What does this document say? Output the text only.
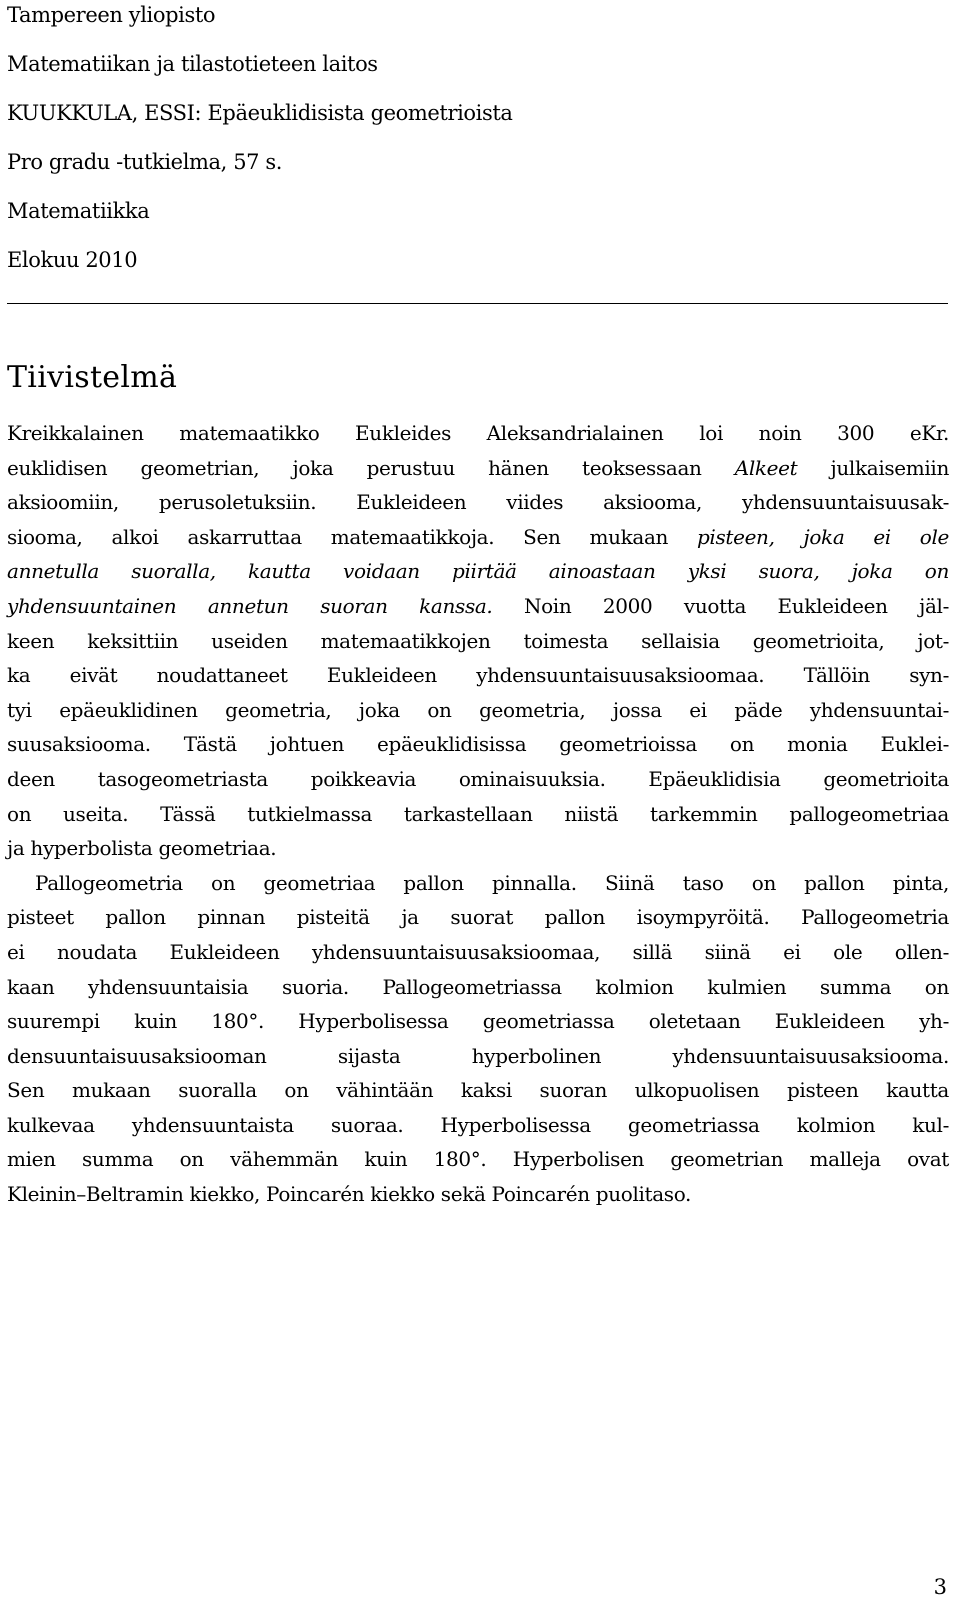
Tampereen yliopisto
Matematiikan ja tilastotieteen laitos
KUUKKULA, ESSI: Epäeuklidisista geometrioista
Pro gradu -tutkielma, 57 s.
Matematiikka
Elokuu 2010
Tiivistelmä
Kreikkalainen matemaatikko Eukleides Aleksandrialainen loi noin 300 eKr.
euklidisen geometrian, joka perustuu hänen teoksessaan Alkeet julkaisemiin
aksioomiin, perusoletuksiin. Eukleideen viides aksiooma, yhdensuuntaisuusak-
siooma, alkoi askarruttaa matemaatikkoja. Sen mukaan pisteen, joka ei ole
annetulla suoralla, kautta voidaan piirtää ainoastaan yksi suora, joka on
yhdensuuntainen annetun suoran kanssa. Noin 2000 vuotta Eukleideen jäl-
keen keksittiin useiden matemaatikkojen toimesta sellaisia geometrioita, jot-
ka eivät noudattaneet Eukleideen yhdensuuntaisuusaksioomaa. Tällöin syn-
tyi epäeuklidinen geometria, joka on geometria, jossa ei päde yhdensuuntai-
suusaksiooma. Tästä johtuen epäeuklidisissa geometrioissa on monia Euklei-
deen tasogeometriasta poikkeavia ominaisuuksia. Epäeuklidisia geometrioita
on useita. Tässä tutkielmassa tarkastellaan niistä tarkemmin pallogeometriaa
ja hyperbolista geometriaa.
Pallogeometria on geometriaa pallon pinnalla. Siinä taso on pallon pinta,
pisteet pallon pinnan pisteitä ja suorat pallon isoympyröitä. Pallogeometria
ei noudata Eukleideen yhdensuuntaisuusaksioomaa, sillä siinä ei ole ollen-
kaan yhdensuuntaisia suoria. Pallogeometriassa kolmion kulmien summa on
suurempi kuin 180°. Hyperbolisessa geometriassa oletetaan Eukleideen yh-
densuuntaisuusaksiooman sijasta hyperbolinen yhdensuuntaisuusaksiooma.
Sen mukaan suoralla on vähintään kaksi suoran ulkopuolisen pisteen kautta
kulkevaa yhdensuuntaista suoraa. Hyperbolisessa geometriassa kolmion kul-
mien summa on vähemmän kuin 180°. Hyperbolisen geometrian malleja ovat
Kleinin–Beltramin kiekko, Poincarén kiekko sekä Poincarén puolitaso.
3
